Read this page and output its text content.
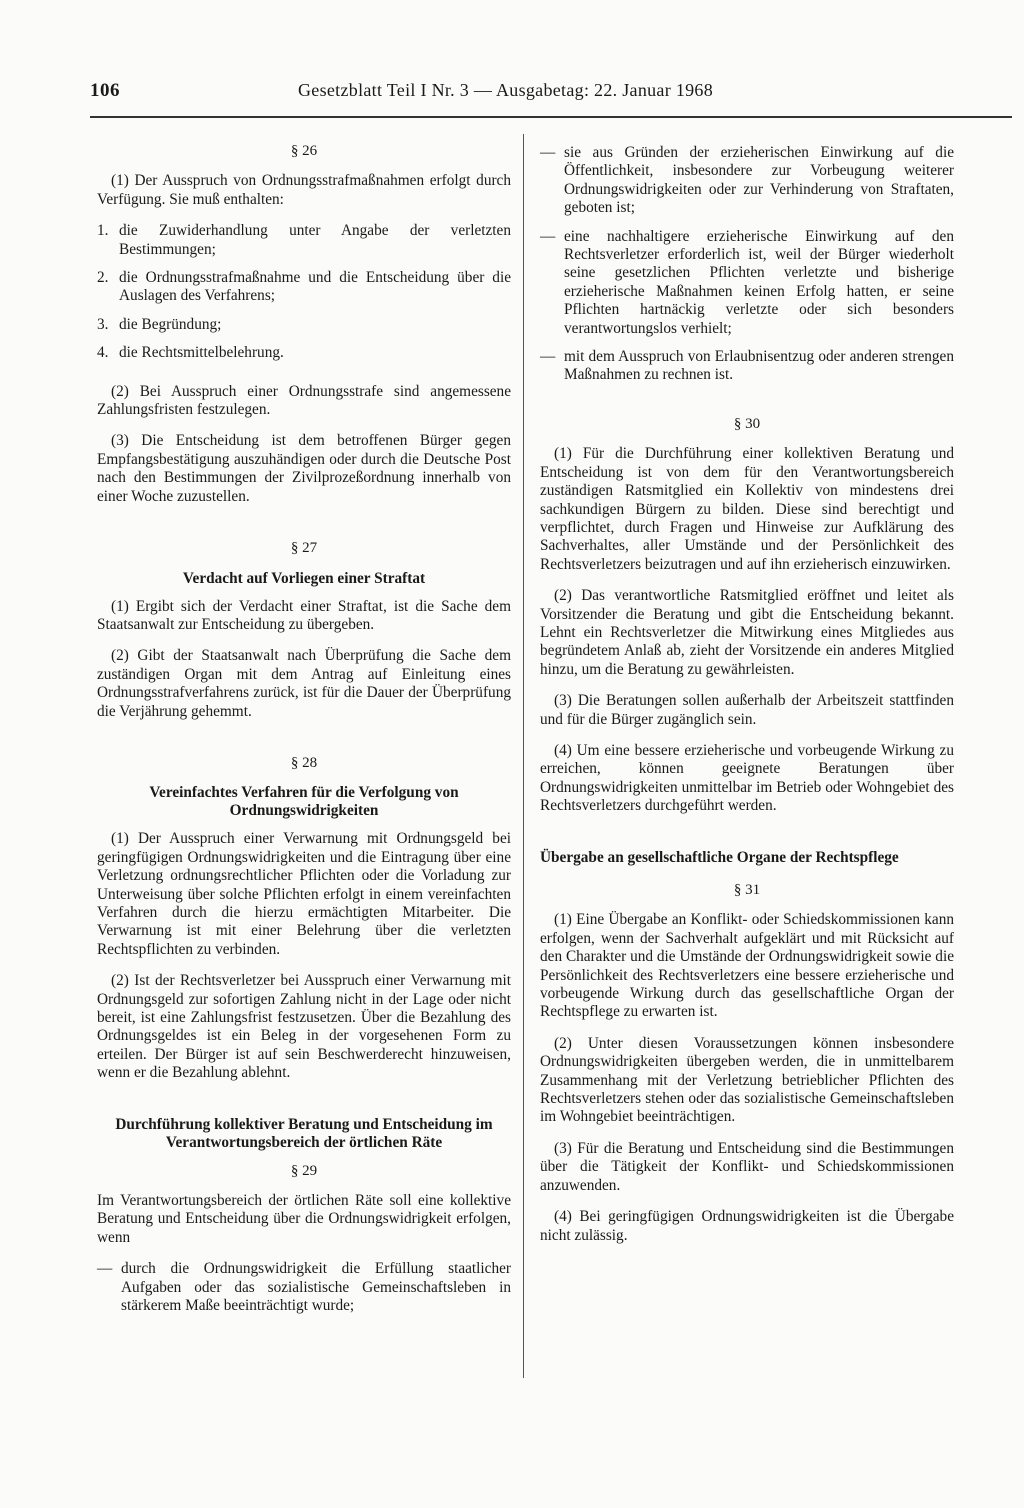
106	Gesetzblatt Teil I Nr. 3 — Ausgabetag: 22. Januar 1968
§ 26

(1) Der Ausspruch von Ordnungsstrafmaßnahmen erfolgt durch Verfügung. Sie muß enthalten:

1. die Zuwiderhandlung unter Angabe der verletzten Bestimmungen;
2. die Ordnungsstrafmaßnahme und die Entscheidung über die Auslagen des Verfahrens;
3. die Begründung;
4. die Rechtsmittelbelehrung.

(2) Bei Ausspruch einer Ordnungsstrafe sind angemessene Zahlungsfristen festzulegen.

(3) Die Entscheidung ist dem betroffenen Bürger gegen Empfangsbestätigung auszuhändigen oder durch die Deutsche Post nach den Bestimmungen der Zivilprozeßordnung innerhalb von einer Woche zuzustellen.

§ 27
Verdacht auf Vorliegen einer Straftat

(1) Ergibt sich der Verdacht einer Straftat, ist die Sache dem Staatsanwalt zur Entscheidung zu übergeben.

(2) Gibt der Staatsanwalt nach Überprüfung die Sache dem zuständigen Organ mit dem Antrag auf Einleitung eines Ordnungsstrafverfahrens zurück, ist für die Dauer der Überprüfung die Verjährung gehemmt.

§ 28
Vereinfachtes Verfahren für die Verfolgung von Ordnungswidrigkeiten

(1) Der Ausspruch einer Verwarnung mit Ordnungsgeld bei geringfügigen Ordnungswidrigkeiten und die Eintragung über eine Verletzung ordnungsrechtlicher Pflichten oder die Vorladung zur Unterweisung über solche Pflichten erfolgt in einem vereinfachten Verfahren durch die hierzu ermächtigten Mitarbeiter. Die Verwarnung ist mit einer Belehrung über die verletzten Rechtspflichten zu verbinden.

(2) Ist der Rechtsverletzer bei Ausspruch einer Verwarnung mit Ordnungsgeld zur sofortigen Zahlung nicht in der Lage oder nicht bereit, ist eine Zahlungsfrist festzusetzen. Über die Bezahlung des Ordnungsgeldes ist ein Beleg in der vorgesehenen Form zu erteilen. Der Bürger ist auf sein Beschwerderecht hinzuweisen, wenn er die Bezahlung ablehnt.

Durchführung kollektiver Beratung und Entscheidung im Verantwortungsbereich der örtlichen Räte
§ 29

Im Verantwortungsbereich der örtlichen Räte soll eine kollektive Beratung und Entscheidung über die Ordnungswidrigkeit erfolgen, wenn

— durch die Ordnungswidrigkeit die Erfüllung staatlicher Aufgaben oder das sozialistische Gemeinschaftsleben in stärkerem Maße beeinträchtigt wurde;
— sie aus Gründen der erzieherischen Einwirkung auf die Öffentlichkeit, insbesondere zur Vorbeugung weiterer Ordnungswidrigkeiten oder zur Verhinderung von Straftaten, geboten ist;
— eine nachhaltigere erzieherische Einwirkung auf den Rechtsverletzer erforderlich ist, weil der Bürger wiederholt seine gesetzlichen Pflichten verletzte und bisherige erzieherische Maßnahmen keinen Erfolg hatten, er seine Pflichten hartnäckig verletzte oder sich besonders verantwortungslos verhielt;
— mit dem Ausspruch von Erlaubnisentzug oder anderen strengen Maßnahmen zu rechnen ist.
§ 30

(1) Für die Durchführung einer kollektiven Beratung und Entscheidung ist von dem für den Verantwortungsbereich zuständigen Ratsmitglied ein Kollektiv von mindestens drei sachkundigen Bürgern zu bilden. Diese sind berechtigt und verpflichtet, durch Fragen und Hinweise zur Aufklärung des Sachverhaltes, aller Umstände und der Persönlichkeit des Rechtsverletzers beizutragen und auf ihn erzieherisch einzuwirken.

(2) Das verantwortliche Ratsmitglied eröffnet und leitet als Vorsitzender die Beratung und gibt die Entscheidung bekannt. Lehnt ein Rechtsverletzer die Mitwirkung eines Mitgliedes aus begründetem Anlaß ab, zieht der Vorsitzende ein anderes Mitglied hinzu, um die Beratung zu gewährleisten.

(3) Die Beratungen sollen außerhalb der Arbeitszeit stattfinden und für die Bürger zugänglich sein.

(4) Um eine bessere erzieherische und vorbeugende Wirkung zu erreichen, können geeignete Beratungen über Ordnungswidrigkeiten unmittelbar im Betrieb oder Wohngebiet des Rechtsverletzers durchgeführt werden.

Übergabe an gesellschaftliche Organe der Rechtspflege
§ 31

(1) Eine Übergabe an Konflikt- oder Schiedskommissionen kann erfolgen, wenn der Sachverhalt aufgeklärt und mit Rücksicht auf den Charakter und die Umstände der Ordnungswidrigkeit sowie die Persönlichkeit des Rechtsverletzers eine bessere erzieherische und vorbeugende Wirkung durch das gesellschaftliche Organ der Rechtspflege zu erwarten ist.

(2) Unter diesen Voraussetzungen können insbesondere Ordnungswidrigkeiten übergeben werden, die in unmittelbarem Zusammenhang mit der Verletzung betrieblicher Pflichten des Rechtsverletzers stehen oder das sozialistische Gemeinschaftsleben im Wohngebiet beeinträchtigen.

(3) Für die Beratung und Entscheidung sind die Bestimmungen über die Tätigkeit der Konflikt- und Schiedskommissionen anzuwenden.

(4) Bei geringfügigen Ordnungswidrigkeiten ist die Übergabe nicht zulässig.
